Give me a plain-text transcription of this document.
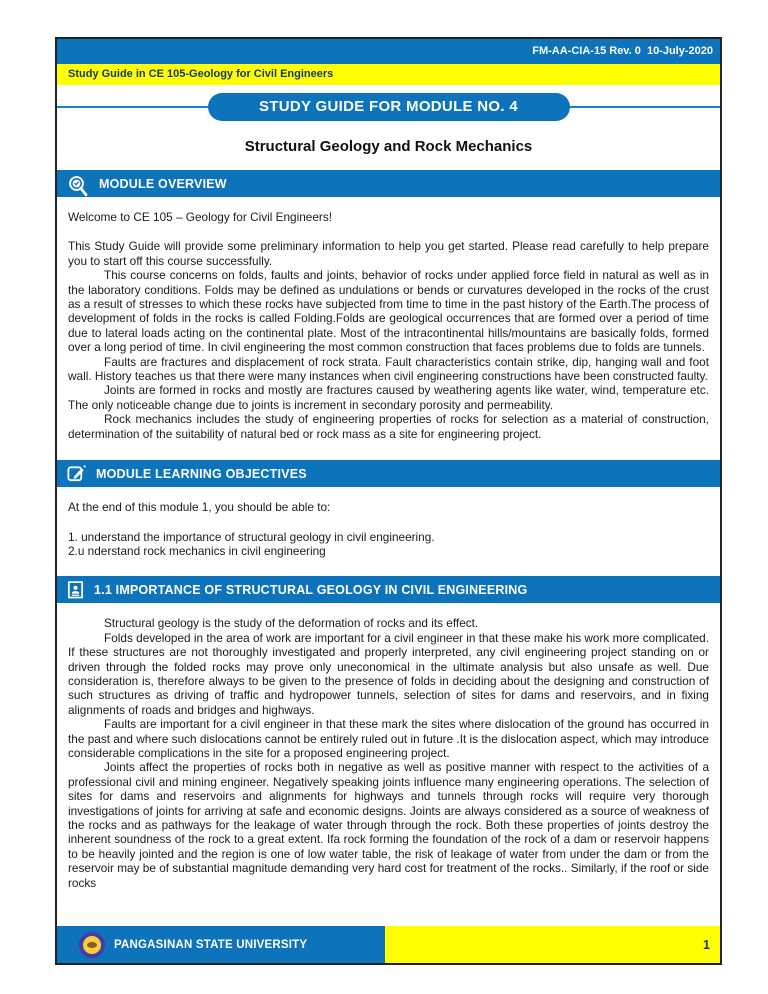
FM-AA-CIA-15 Rev. 0  10-July-2020
Study Guide in CE 105-Geology for Civil Engineers
STUDY GUIDE FOR MODULE NO. 4
Structural Geology and Rock Mechanics
MODULE OVERVIEW

Welcome to CE 105 – Geology for Civil Engineers!

This Study Guide will provide some preliminary information to help you get started. Please read carefully to help prepare you to start off this course successfully.

This course concerns on folds, faults and joints, behavior of rocks under applied force field in natural as well as in the laboratory conditions. Folds may be defined as undulations or bends or curvatures developed in the rocks of the crust as a result of stresses to which these rocks have subjected from time to time in the past history of the Earth.The process of development of folds in the rocks is called Folding.Folds are geological occurrences that are formed over a period of time due to lateral loads acting on the continental plate. Most of the intracontinental hills/mountains are basically folds, formed over a long period of time. In civil engineering the most common construction that faces problems due to folds are tunnels.

Faults are fractures and displacement of rock strata. Fault characteristics contain strike, dip, hanging wall and foot wall. History teaches us that there were many instances when civil engineering constructions have been constructed faulty.

Joints are formed in rocks and mostly are fractures caused by weathering agents like water, wind, temperature etc. The only noticeable change due to joints is increment in secondary porosity and permeability.

Rock mechanics includes the study of engineering properties of rocks for selection as a material of construction, determination of the suitability of natural bed or rock mass as a site for engineering project.

MODULE LEARNING OBJECTIVES

At the end of this module 1, you should be able to:

1. understand the importance of structural geology in civil engineering.

2.u nderstand rock mechanics in civil engineering

1.1 IMPORTANCE OF STRUCTURAL GEOLOGY IN CIVIL ENGINEERING

Structural geology is the study of the deformation of rocks and its effect.

Folds developed in the area of work are important for a civil engineer in that these make his work more complicated. If these structures are not thoroughly investigated and properly interpreted, any civil engineering project standing on or driven through the folded rocks may prove only uneconomical in the ultimate analysis but also unsafe as well. Due consideration is, therefore always to be given to the presence of folds in deciding about the designing and construction of such structures as driving of traffic and hydropower tunnels, selection of sites for dams and reservoirs, and in fixing alignments of roads and bridges and highways.

Faults are important for a civil engineer in that these mark the sites where dislocation of the ground has occurred in the past and where such dislocations cannot be entirely ruled out in future .It is the dislocation aspect, which may introduce considerable complications in the site for a proposed engineering project.

Joints affect the properties of rocks both in negative as well as positive manner with respect to the activities of a professional civil and mining engineer. Negatively speaking joints influence many engineering operations. The selection of sites for dams and reservoirs and alignments for highways and tunnels through rocks will require very thorough investigations of joints for arriving at safe and economic designs. Joints are always considered as a source of weakness of the rocks and as pathways for the leakage of water through through the rock. Both these properties of joints destroy the inherent soundness of the rock to a great extent. Ifa rock forming the foundation of the rock of a dam or reservoir happens to be heavily jointed and the region is one of low water table, the risk of leakage of water from under the dam or from the reservoir may be of substantial magnitude demanding very hard cost for treatment of the rocks.. Similarly, if the roof or side rocks

PANGASINAN STATE UNIVERSITY	1
